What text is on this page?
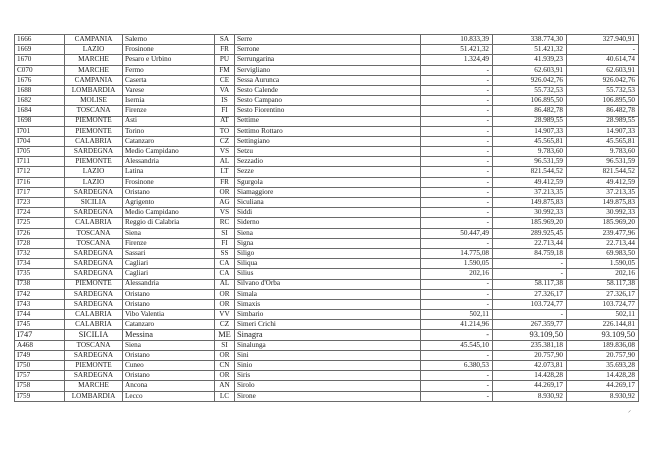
1666	CAMPANIA	Salerno	SA	Serre	10.833,39	338.774,30	327.940,91
1669	LAZIO	Frosinone	FR	Serrone	51.421,32	51.421,32	-
1670	MARCHE	Pesaro e Urbino	PU	Serrungarina	1.324,49	41.939,23	40.614,74
C070	MARCHE	Fermo	FM	Servigliano	-	62.603,91	62.603,91
1676	CAMPANIA	Caserta	CE	Sessa Aurunca	-	926.042,76	926.042,76
1688	LOMBARDIA	Varese	VA	Sesto Calende	-	55.732,53	55.732,53
1682	MOLISE	Isernia	IS	Sesto Campano	-	106.895,50	106.895,50
1684	TOSCANA	Firenze	FI	Sesto Fiorentino	-	86.482,78	86.482,78
1698	PIEMONTE	Asti	AT	Settime	-	28.989,55	28.989,55
I701	PIEMONTE	Torino	TO	Settimo Rottaro	-	14.907,33	14.907,33
I704	CALABRIA	Catanzaro	CZ	Settingiano	-	45.565,81	45.565,81
I705	SARDEGNA	Medio Campidano	VS	Setzu	-	9.783,60	9.783,60
I711	PIEMONTE	Alessandria	AL	Sezzadio	-	96.531,59	96.531,59
I712	LAZIO	Latina	LT	Sezze	-	821.544,52	821.544,52
I716	LAZIO	Frosinone	FR	Sgurgola	-	49.412,59	49.412,59
I717	SARDEGNA	Oristano	OR	Siamaggiore	-	37.213,35	37.213,35
I723	SICILIA	Agrigento	AG	Siculiana	-	149.875,83	149.875,83
I724	SARDEGNA	Medio Campidano	VS	Siddi	-	30.992,33	30.992,33
I725	CALABRIA	Reggio di Calabria	RC	Siderno	-	185.969,20	185.969,20
I726	TOSCANA	Siena	SI	Siena	50.447,49	289.925,45	239.477,96
I728	TOSCANA	Firenze	FI	Signa	-	22.713,44	22.713,44
I732	SARDEGNA	Sassari	SS	Siligo	14.775,08	84.759,18	69.983,50
I734	SARDEGNA	Cagliari	CA	Siliqua	1.590,05	-	1.590,05
I735	SARDEGNA	Cagliari	CA	Silius	202,16	-	202,16
I738	PIEMONTE	Alessandria	AL	Silvano d'Orba	-	58.117,38	58.117,38
I742	SARDEGNA	Oristano	OR	Simala	-	27.326,17	27.326,17
I743	SARDEGNA	Oristano	OR	Simaxis	-	103.724,77	103.724,77
I744	CALABRIA	Vibo Valentia	VV	Simbario	502,11	-	502,11
I745	CALABRIA	Catanzaro	CZ	Simeri Crichi	41.214,96	267.359,77	226.144,81
I747	SICILIA	Messina	ME	Sinagra	-	93.109,50	93.109,50
A468	TOSCANA	Siena	SI	Sinalunga	45.545,10	235.381,18	189.836,08
I749	SARDEGNA	Oristano	OR	Sini	-	20.757,90	20.757,90
I750	PIEMONTE	Cuneo	CN	Sinio	6.380,53	42.073,81	35.693,28
I757	SARDEGNA	Oristano	OR	Siris	-	14.428,28	14.428,28
I758	MARCHE	Ancona	AN	Sirolo	-	44.269,17	44.269,17
I759	LOMBARDIA	Lecco	LC	Sirone	-	8.930,92	8.930,92
⸝
